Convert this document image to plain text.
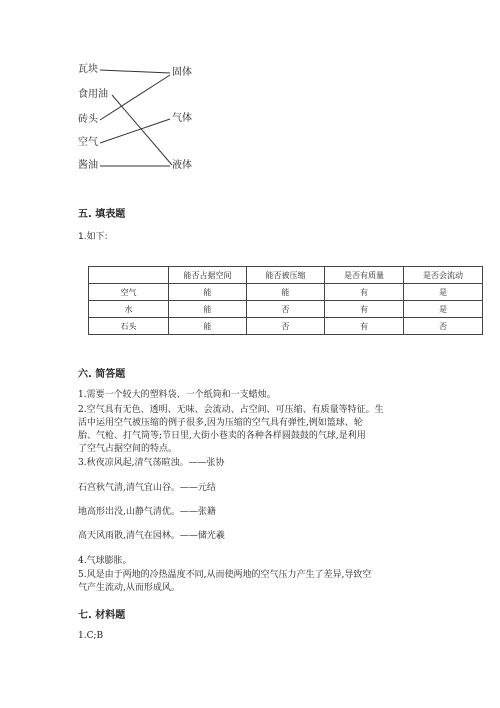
瓦块
食用油
砖头
空气
酱油
固体
气体
液体
五. 填表题
1.如下:
	能否占据空间	能否被压缩	是否有质量	是否会流动
空气	能	能	有	是
水	能	否	有	是
石头	能	否	有	否
六. 简答题
1.需要一个较大的塑料袋、一个纸筒和一支蜡烛。
2.空气具有无色、透明、无味、会流动、占空间、可压缩、有质量等特征。生
活中运用空气被压缩的例子很多,因为压缩的空气具有弹性,例如篮球、轮
胎、气枪、打气筒等;节日里,大街小巷卖的各种各样圆鼓鼓的气球,是利用
了空气占据空间的特点。
3.秋夜凉风起,清气荡暄浊。——张协
石宫秋气清,清气宜山谷。——元结
地高形出没,山静气清优。——张籍
高天风雨散,清气在园林。——储光羲
4.气球膨胀。
5.风是由于两地的冷热温度不同,从而使两地的空气压力产生了差异,导致空
气产生流动,从而形成风。
七. 材料题
1.C;B
